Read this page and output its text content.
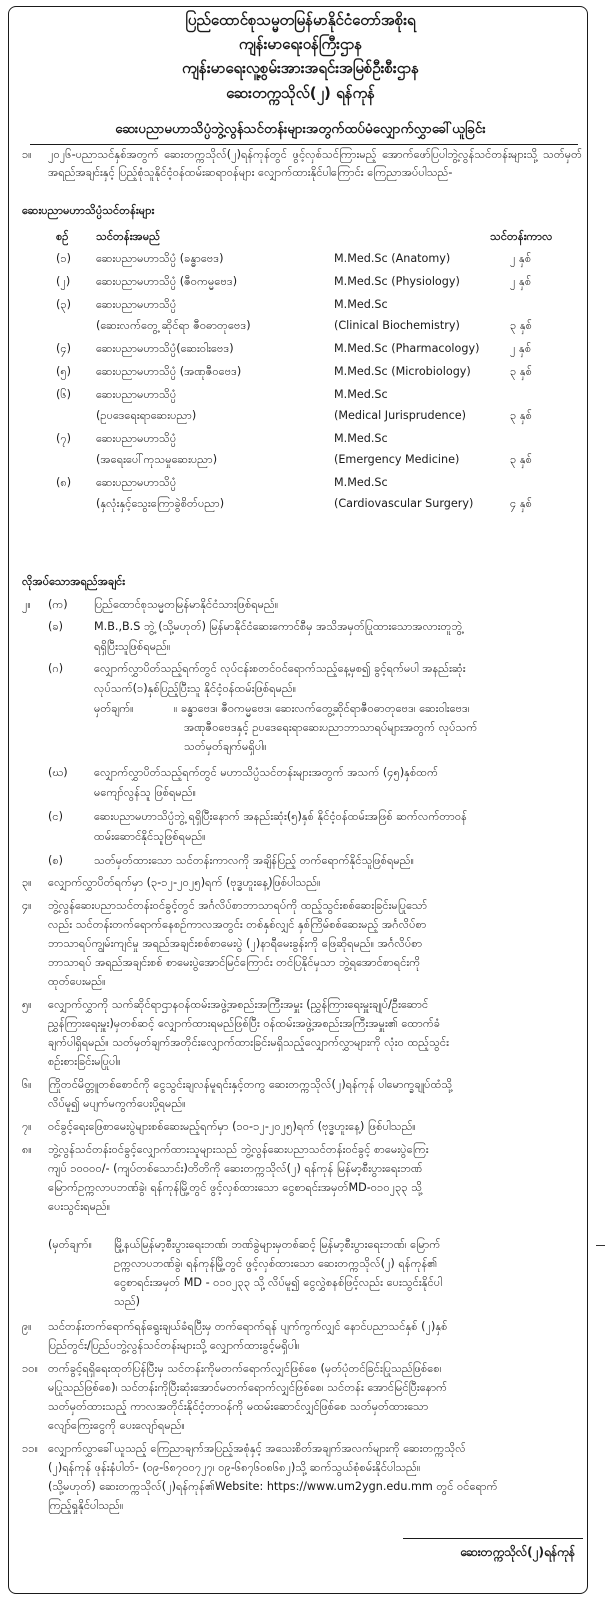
ပြည်ထောင်စုသမ္မတမြန်မာနိုင်ငံတော်အစိုးရ
ကျန်းမာရေးဝန်ကြီးဌာန
ကျန်းမာရေးလူ့စွမ်းအားအရင်းအမြစ်ဦးစီးဌာန
ဆေးတက္ကသိုလ်(၂) ရန်ကုန်
ဆေးပညာမဟာသိပ္ပံဘွဲ့လွန်သင်တန်းများအတွက်ထပ်မံလျှောက်လွှာခေါ်ယူခြင်း
၁။ ၂၀၂၆-ပညာသင်နှစ်အတွက် ဆေးတက္ကသိုလ်(၂)ရန်ကုန်တွင် ဖွင့်လှစ်သင်ကြားမည့် အောက်ဖော်ပြပါဘွဲ့လွန်သင်တန်းများသို့ သတ်မှတ်အရည်အချင်းနှင့် ပြည့်စုံသူနိုင်ငံ့ဝန်ထမ်းဆရာဝန်များ လျှောက်ထားနိုင်ပါကြောင်း ကြေညာအပ်ပါသည်-
ဆေးပညာမဟာသိပ္ပံသင်တန်းများ
စဉ် သင်တန်းအမည်	သင်တန်းကာလ
(၁) ဆေးပညာမဟာသိပ္ပံ (ခန္ဓာဗေဒ)	M.Med.Sc (Anatomy)	၂ နှစ်
(၂) ဆေးပညာမဟာသိပ္ပံ (ဇီဝကမ္မဗေဒ)	M.Med.Sc (Physiology)	၂ နှစ်
(၃) ဆေးပညာမဟာသိပ္ပံ	M.Med.Sc
(ဆေးလက်တွေ့ ဆိုင်ရာ ဇီဝဓာတုဗေဒ)	(Clinical Biochemistry)	၃ နှစ်
(၄) ဆေးပညာမဟာသိပ္ပံ(ဆေးဝါးဗေဒ)	M.Med.Sc (Pharmacology)	၂ နှစ်
(၅) ဆေးပညာမဟာသိပ္ပံ (အဏုဇီဝဗေဒ)	M.Med.Sc (Microbiology)	၃ နှစ်
(၆) ဆေးပညာမဟာသိပ္ပံ	M.Med.Sc
(ဥပဒေရေးရာဆေးပညာ)	(Medical Jurisprudence)	၃ နှစ်
(၇) ဆေးပညာမဟာသိပ္ပံ	M.Med.Sc
(အရေးပေါ်ကုသမှုဆေးပညာ)	(Emergency Medicine)	၃ နှစ်
(၈) ဆေးပညာမဟာသိပ္ပံ	M.Med.Sc
(နှလုံးနှင့်သွေးကြောခွဲစိတ်ပညာ)	(Cardiovascular Surgery)	၄ နှစ်
လိုအပ်သောအရည်အချင်း
၂။ (က) ပြည်ထောင်စုသမ္မတမြန်မာနိုင်ငံသားဖြစ်ရမည်။
(ခ)	M.B.,B.S ဘွဲ့ (သို့မဟုတ်) မြန်မာနိုင်ငံဆေးကောင်စီမှ အသိအမှတ်ပြုထားသောအလားတူဘွဲ့
ရရှိပြီးသူဖြစ်ရမည်။
(ဂ)	လျှောက်လွှာပိတ်သည့်ရက်တွင် လုပ်ငန်းစတင်ဝင်ရောက်သည့်နေ့မှစ၍ ခွင့်ရက်မပါ အနည်းဆုံး
လုပ်သက်(၁)နှစ်ပြည့်ပြီးသူ နိုင်ငံ့ဝန်ထမ်းဖြစ်ရမည်။
မှတ်ချက်။	။ ခန္ဓာဗေဒ၊ ဇီဝကမ္မဗေဒ၊ ဆေးလက်တွေ့ဆိုင်ရာဇီဝဓာတုဗေဒ၊ ဆေးဝါးဗေဒ၊
အဏုဇီဝဗေဒနှင့် ဥပဒေရေးရာဆေးပညာဘာသာရပ်များအတွက် လုပ်သက်
သတ်မှတ်ချက်မရှိပါ။
(ဃ) လျှောက်လွှာပိတ်သည့်ရက်တွင် မဟာသိပ္ပံသင်တန်းများအတွက် အသက် (၄၅)နှစ်ထက်
မကျော်လွန်သူ ဖြစ်ရမည်။
(င)	ဆေးပညာမဟာသိပ္ပံဘွဲ့ ရရှိပြီးနောက် အနည်းဆုံး(၅)နှစ် နိုင်ငံ့ဝန်ထမ်းအဖြစ် ဆက်လက်တာဝန်
ထမ်းဆောင်နိုင်သူဖြစ်ရမည်။
(စ)	သတ်မှတ်ထားသော သင်တန်းကာလကို အချိန်ပြည့် တက်ရောက်နိုင်သူဖြစ်ရမည်။
၃။ လျှောက်လွှာပိတ်ရက်မှာ (၃-၁၂-၂၀၂၅)ရက် (ဗုဒ္ဓဟူးနေ့)ဖြစ်ပါသည်။
၄။ ဘွဲ့လွန်ဆေးပညာသင်တန်းဝင်ခွင့်တွင် အင်္ဂလိပ်စာဘာသာရပ်ကို ထည့်သွင်းစစ်ဆေးခြင်းမပြုသော်
လည်း သင်တန်းတက်ရောက်နေစဉ်ကာလအတွင်း တစ်နှစ်လျှင် နှစ်ကြိမ်စစ်ဆေးမည့် အင်္ဂလိပ်စာ
ဘာသာရပ်ကျွမ်းကျင်မှု အရည်အချင်းစစ်စာမေးပွဲ (၂)နာရီမေးခွန်းကို ဖြေဆိုရမည်။ အင်္ဂလိပ်စာ
ဘာသာရပ် အရည်အချင်းစစ် စာမေးပွဲအောင်မြင်ကြောင်း တင်ပြနိုင်မှသာ ဘွဲ့ရအောင်စာရင်းကို
ထုတ်ပေးမည်။
၅။ လျှောက်လွှာကို သက်ဆိုင်ရာဌာနဝန်ထမ်းအဖွဲ့အစည်းအကြီးအမှူး (ညွှန်ကြားရေးမှူးချုပ်/ဦးဆောင်
ညွှန်ကြားရေးမှူး)မှတစ်ဆင့် လျှောက်ထားရမည်ဖြစ်ပြီး ဝန်ထမ်းအဖွဲ့အစည်းအကြီးအမှူး၏ ထောက်ခံ
ချက်ပါရှိရမည်။ သတ်မှတ်ချက်အတိုင်းလျှောက်ထားခြင်းမရှိသည့်လျှောက်လွှာများကို လုံးဝ ထည့်သွင်း
စဉ်းစားခြင်းမပြုပါ။
၆။ ကြိုတင်မိတ္တူတစ်စောင်ကို ငွေသွင်းချလန်မူရင်းနှင့်တကွ ဆေးတက္ကသိုလ်(၂)ရန်ကုန် ပါမောက္ခချုပ်ထံသို့
လိပ်မူ၍ မပျက်မကွက်ပေးပို့ရမည်။
၇။ ဝင်ခွင့်ရေးဖြေစာမေးပွဲများစစ်ဆေးမည့်ရက်မှာ (၁၀-၁၂-၂၀၂၅)ရက် (ဗုဒ္ဓဟူးနေ့) ဖြစ်ပါသည်။
၈။ ဘွဲ့လွန်သင်တန်းဝင်ခွင့်လျှောက်ထားသူများသည် ဘွဲ့လွန်ဆေးပညာသင်တန်းဝင်ခွင့် စာမေးပွဲကြေး
ကျပ် ၁၀၀၀၀/- (ကျပ်တစ်သောင်း)တိတိကို ဆေးတက္ကသိုလ်(၂) ရန်ကုန် မြန်မာ့စီးပွားရေးဘဏ်
မြောက်ဥက္ကလာပဘဏ်ခွဲ၊ ရန်ကုန်မြို့တွင် ဖွင့်လှစ်ထားသော ငွေစာရင်းအမှတ်MD-၀၁၀၂၃၃ သို့
ပေးသွင်းရမည်။
(မှတ်ချက်။ မြို့နယ်မြန်မာ့စီးပွားရေးဘဏ်၊ ဘဏ်ခွဲများမှတစ်ဆင့် မြန်မာ့စီးပွားရေးဘဏ်၊ မြောက်
ဥက္ကလာပဘဏ်ခွဲ၊ ရန်ကုန်မြို့တွင် ဖွင့်လှစ်ထားသော ဆေးတက္ကသိုလ်(၂) ရန်ကုန်၏
ငွေစာရင်းအမှတ် MD - ၀၁၀၂၃၃ သို့ လိပ်မူ၍ ငွေလွှဲစနစ်ဖြင့်လည်း ပေးသွင်းနိုင်ပါ
သည်)
၉။ သင်တန်းတက်ရောက်ရန်ရွေးချယ်ခံရပြီးမှ တက်ရောက်ရန် ပျက်ကွက်လျှင် နောင်ပညာသင်နှစ် (၂)နှစ်
ပြည်တွင်း/ပြည်ပဘွဲ့လွန်သင်တန်းများသို့ လျှောက်ထားခွင့်မရှိပါ။
၁၀။ တက်ခွင့်ရရှိရေးထုတ်ပြန်ပြီးမှ သင်တန်းကိုမတက်ရောက်လျှင်ဖြစ်စေ (မှတ်ပုံတင်ခြင်းပြုသည်ဖြစ်စေ၊
မပြုသည်ဖြစ်စေ)၊ သင်တန်းကိုပြီးဆုံးအောင်မတက်ရောက်လျှင်ဖြစ်စေ၊ သင်တန်း အောင်မြင်ပြီးနောက်
သတ်မှတ်ထားသည့် ကာလအတိုင်းနိုင်ငံ့တာဝန်ကို မထမ်းဆောင်လျှင်ဖြစ်စေ သတ်မှတ်ထားသော
လျော်ကြေးငွေကို ပေးလျော်ရမည်။
၁၁။ လျှောက်လွှာခေါ်ယူသည့် ကြေညာချက်အပြည့်အစုံနှင့် အသေးစိတ်အချက်အလက်များကို ဆေးတက္ကသိုလ်
(၂)ရန်ကုန် ဖုန်းနံပါတ်- (၀၉-၆၈၇၀၀၇၂၇၊ ၀၉-၆၈၇၆၀၈၆၈၂)သို့ ဆက်သွယ်စုံစမ်းနိုင်ပါသည်။
(သို့မဟုတ်) ဆေးတက္ကသိုလ်(၂)ရန်ကုန်၏Website: https://www.um2ygn.edu.mm တွင် ဝင်ရောက်
ကြည့်ရှုနိုင်ပါသည်။
ဆေးတက္ကသိုလ်(၂)ရန်ကုန်
